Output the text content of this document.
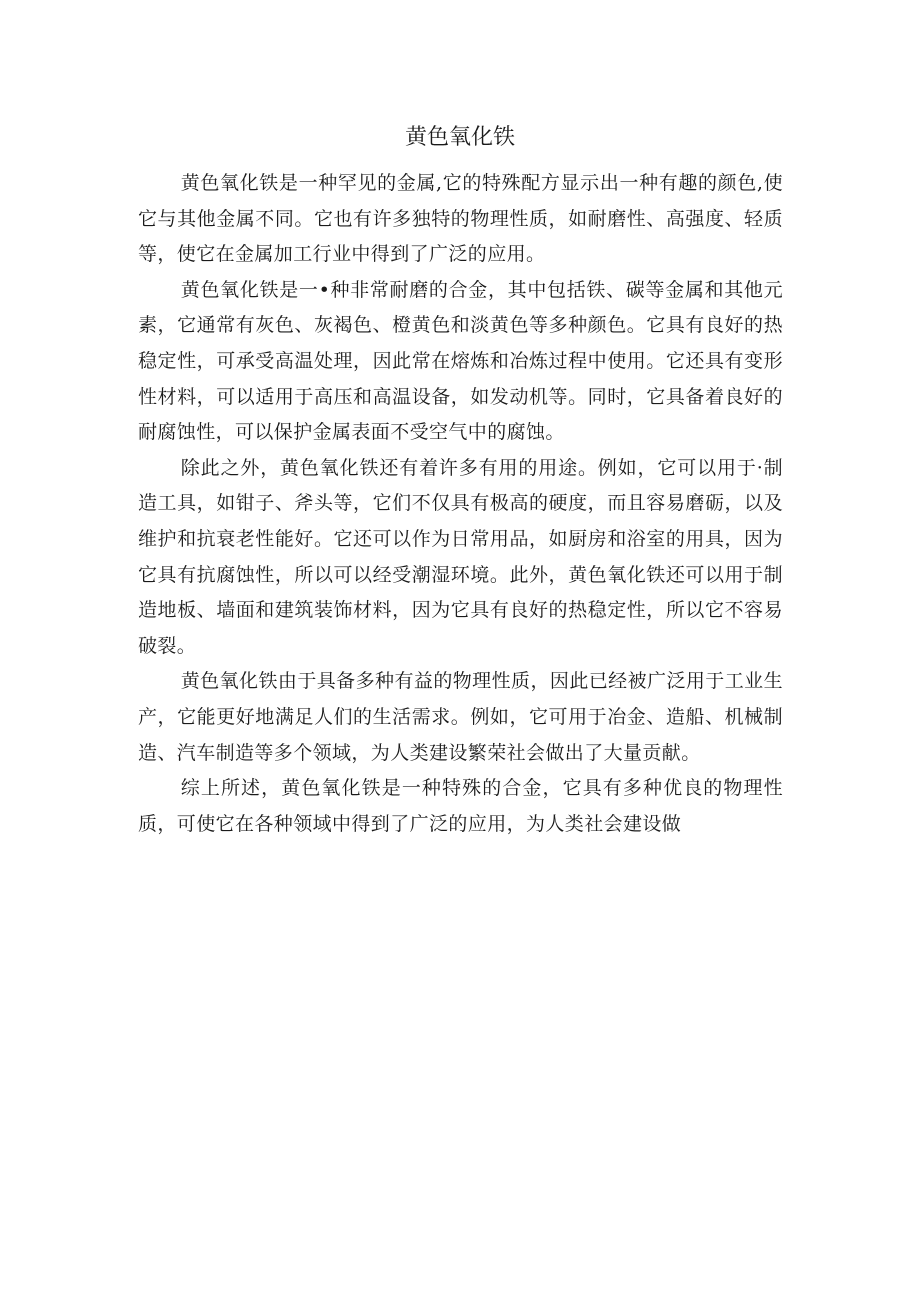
黄色氧化铁

黄色氧化铁是一种罕见的金属,它的特殊配方显示出一种有趣的颜色,使它与其他金属不同。它也有许多独特的物理性质，如耐磨性、高强度、轻质等，使它在金属加工行业中得到了广泛的应用。

黄色氧化铁是一•种非常耐磨的合金，其中包括铁、碳等金属和其他元素，它通常有灰色、灰褐色、橙黄色和淡黄色等多种颜色。它具有良好的热稳定性，可承受高温处理，因此常在熔炼和冶炼过程中使用。它还具有变形性材料，可以适用于高压和高温设备，如发动机等。同时，它具备着良好的耐腐蚀性，可以保护金属表面不受空气中的腐蚀。

除此之外，黄色氧化铁还有着许多有用的用途。例如，它可以用于·制造工具，如钳子、斧头等，它们不仅具有极高的硬度，而且容易磨砺，以及维护和抗衰老性能好。它还可以作为日常用品，如厨房和浴室的用具，因为它具有抗腐蚀性，所以可以经受潮湿环境。此外，黄色氧化铁还可以用于制造地板、墙面和建筑装饰材料，因为它具有良好的热稳定性，所以它不容易破裂。

黄色氧化铁由于具备多种有益的物理性质，因此已经被广泛用于工业生产，它能更好地满足人们的生活需求。例如，它可用于冶金、造船、机械制造、汽车制造等多个领域，为人类建设繁荣社会做出了大量贡献。

综上所述，黄色氧化铁是一种特殊的合金，它具有多种优良的物理性质，可使它在各种领域中得到了广泛的应用，为人类社会建设做
